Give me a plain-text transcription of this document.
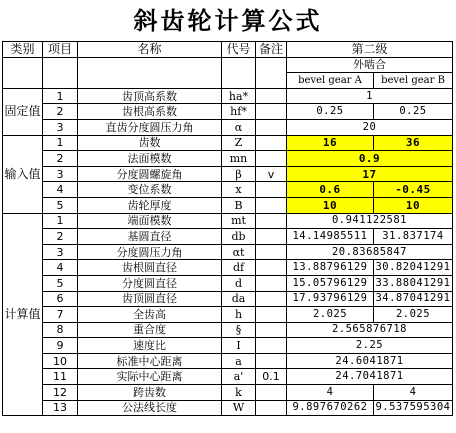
斜齿轮计算公式
类别	项目	名称	代号	备注	第二级	
					外啮合	
					bevel gear A	bevel gear B
固定值	1	齿顶高系数	ha*		1	
	2	齿根高系数	hf*		0.25	0.25
	3	直齿分度圆压力角	α		20	
输入值	1	齿数	Z		16	36
	2	法面模数	mn		0.9	
	3	分度圆螺旋角	β	v	17	
	4	变位系数	x		0.6	-0.45
	5	齿轮厚度	B		10	10
计算值	1	端面模数	mt		0.941122581	
	2	基圆直径	db		14.14985511	31.837174
	3	分度圆压力角	αt		20.83685847	
	4	齿根圆直径	df		13.88796129	30.82041291
	5	分度圆直径	d		15.05796129	33.88041291
	6	齿顶圆直径	da		17.93796129	34.87041291
	7	全齿高	h		2.025	2.025
	8	重合度	§		2.565876718	
	9	速度比	I		2.25	
	10	标准中心距离	a		24.6041871	
	11	实际中心距离	a'	0.1	24.7041871	
	12	跨齿数	k		4	4
	13	公法线长度	W		9.897670262	9.537595304
